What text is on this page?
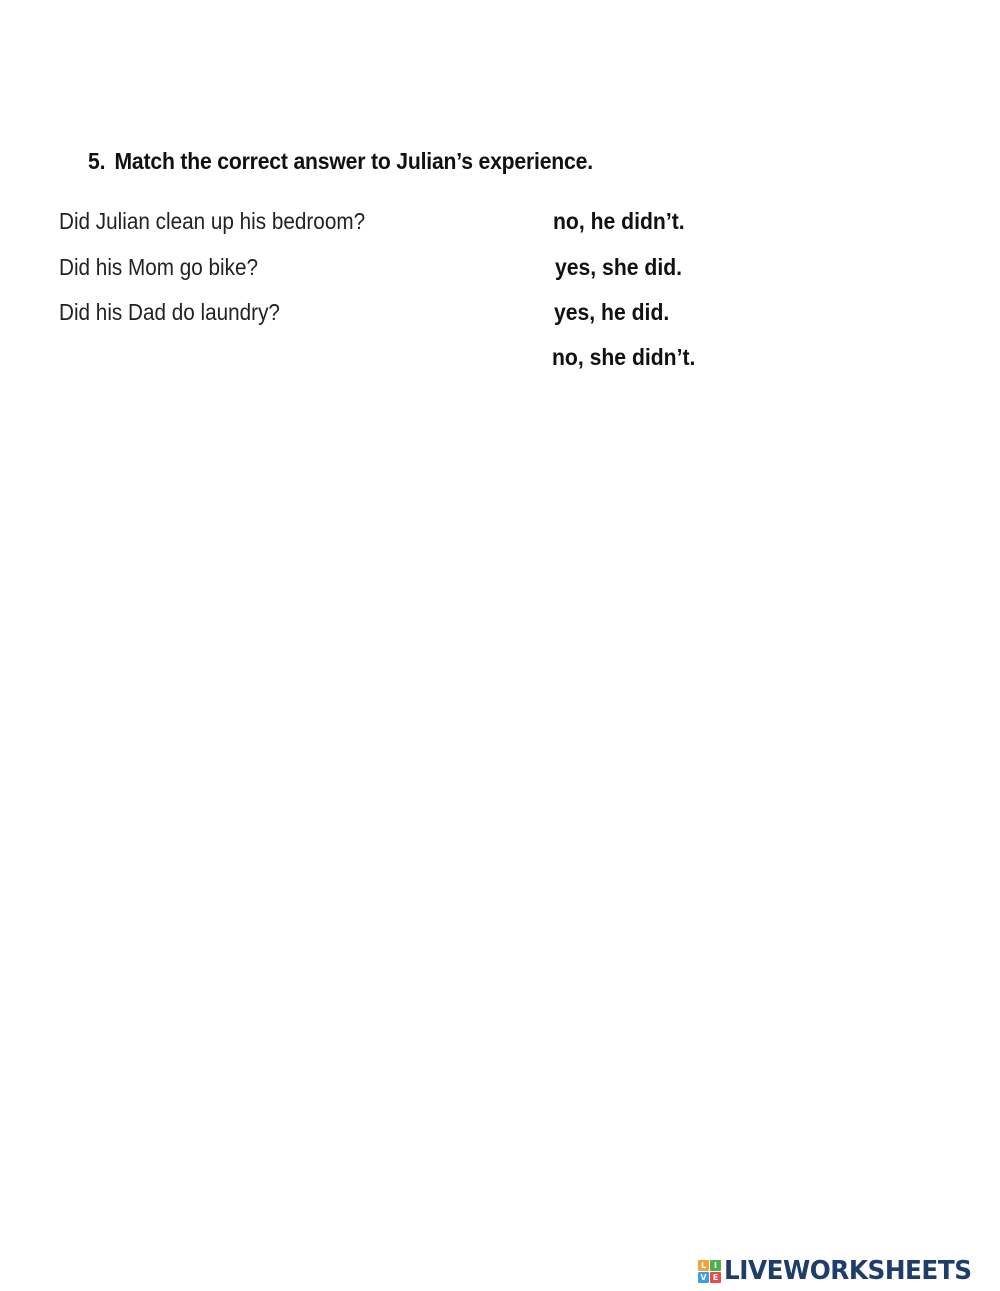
5. Match the correct answer to Julian’s experience.
Did Julian clean up his bedroom?
Did his Mom go bike?
Did his Dad do laundry?
no, he didn’t.
yes, she did.
yes, he did.
no, she didn’t.
L I
V E LIVEWORKSHEETS
